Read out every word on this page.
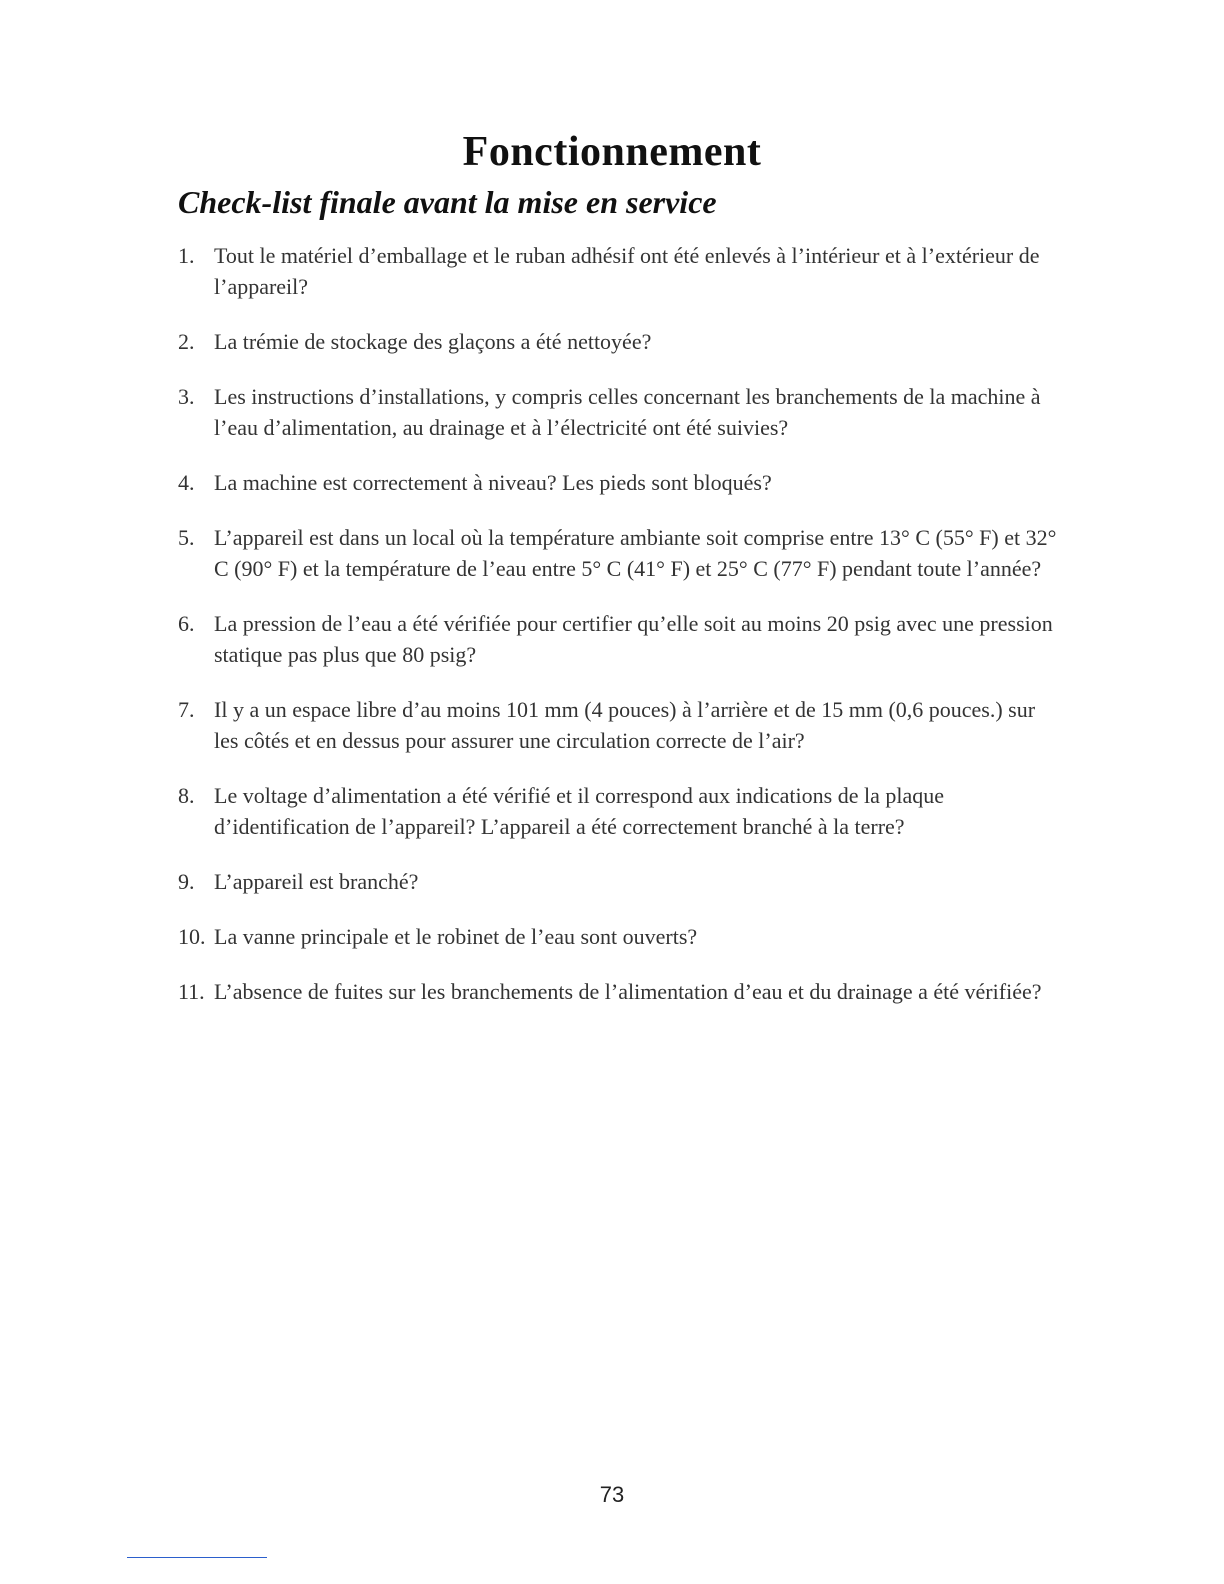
Fonctionnement
Check-list finale avant la mise en service
1. Tout le matériel d’emballage et le ruban adhésif ont été enlevés à l’intérieur et à l’extérieur de l’appareil?
2. La trémie de stockage des glaçons a été nettoyée?
3. Les instructions d’installations, y compris celles concernant les branchements de la machine à l’eau d’alimentation, au drainage et à l’électricité ont été suivies?
4. La machine est correctement à niveau? Les pieds sont bloqués?
5. L’appareil est dans un local où la température ambiante soit comprise entre 13° C (55° F) et 32° C (90° F) et la température de l’eau entre 5° C (41° F) et 25° C (77° F) pendant toute l’année?
6. La pression de l’eau a été vérifiée pour certifier qu’elle soit au moins 20 psig avec une pression statique pas plus que 80 psig?
7. Il y a un espace libre d’au moins 101 mm (4 pouces) à l’arrière et de 15 mm (0,6 pouces.) sur les côtés et en dessus pour assurer une circulation correcte de l’air?
8. Le voltage d’alimentation a été vérifié et il correspond aux indications de la plaque d’identification de l’appareil? L’appareil a été correctement branché à la terre?
9. L’appareil est branché?
10. La vanne principale et le robinet de l’eau sont ouverts?
11. L’absence de fuites sur les branchements de l’alimentation d’eau et du drainage a été vérifiée?
73
